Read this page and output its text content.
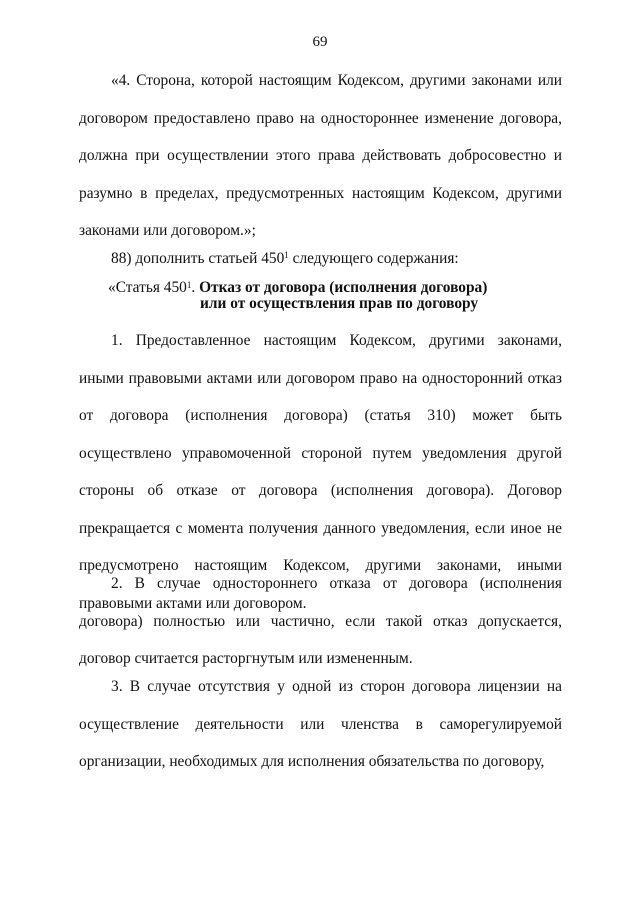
69

«4. Сторона, которой настоящим Кодексом, другими законами или договором предоставлено право на одностороннее изменение договора, должна при осуществлении этого права действовать добросовестно и разумно в пределах, предусмотренных настоящим Кодексом, другими законами или договором.»;

88) дополнить статьей $450^1$ следующего содержания:

«Статья $450^1$. Отказ от договора (исполнения договора)
или от осуществления прав по договору

1. Предоставленное настоящим Кодексом, другими законами, иными правовыми актами или договором право на односторонний отказ от договора (исполнения договора) (статья 310) может быть осуществлено управомоченной стороной путем уведомления другой стороны об отказе от договора (исполнения договора). Договор прекращается с момента получения данного уведомления, если иное не предусмотрено настоящим Кодексом, другими законами, иными правовыми актами или договором.

2. В случае одностороннего отказа от договора (исполнения договора) полностью или частично, если такой отказ допускается, договор считается расторгнутым или измененным.

3. В случае отсутствия у одной из сторон договора лицензии на осуществление деятельности или членства в саморегулируемой организации, необходимых для исполнения обязательства по договору,
